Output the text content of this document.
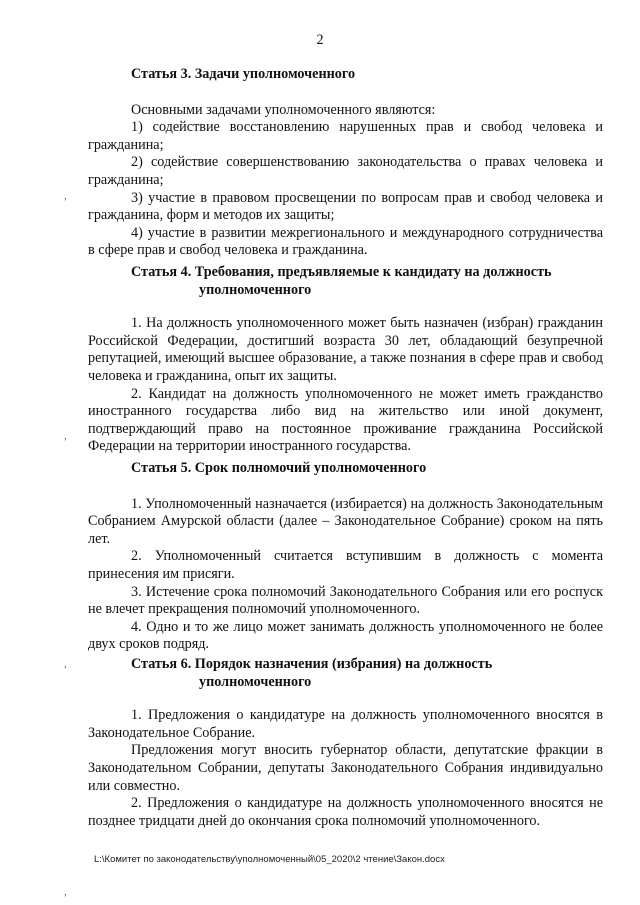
2
Статья 3. Задачи уполномоченного

Основными задачами уполномоченного являются:

1) содействие восстановлению нарушенных прав и свобод человека и гражданина;

2) содействие совершенствованию законодательства о правах человека и гражданина;

3) участие в правовом просвещении по вопросам прав и свобод человека и гражданина, форм и методов их защиты;

4) участие в развитии межрегионального и международного сотрудничества в сфере прав и свобод человека и гражданина.

Статья 4. Требования, предъявляемые к кандидату на должность
уполномоченного

1. На должность уполномоченного может быть назначен (избран) гражданин Российской Федерации, достигший возраста 30 лет, обладающий безупречной репутацией, имеющий высшее образование, а также познания в сфере прав и свобод человека и гражданина, опыт их защиты.

2. Кандидат на должность уполномоченного не может иметь гражданство иностранного государства либо вид на жительство или иной документ, подтверждающий право на постоянное проживание гражданина Российской Федерации на территории иностранного государства.

Статья 5. Срок полномочий уполномоченного

1. Уполномоченный назначается (избирается) на должность Законодательным Собранием Амурской области (далее – Законодательное Собрание) сроком на пять лет.

2. Уполномоченный считается вступившим в должность с момента принесения им присяги.

3. Истечение срока полномочий Законодательного Собрания или его роспуск не влечет прекращения полномочий уполномоченного.

4. Одно и то же лицо может занимать должность уполномоченного не более двух сроков подряд.

Статья 6. Порядок назначения (избрания) на должность
уполномоченного

1. Предложения о кандидатуре на должность уполномоченного вносятся в Законодательное Собрание.

Предложения могут вносить губернатор области, депутатские фракции в Законодательном Собрании, депутаты Законодательного Собрания индивидуально или совместно.

2. Предложения о кандидатуре на должность уполномоченного вносятся не позднее тридцати дней до окончания срока полномочий уполномоченного.

L:\Комитет по законодательству\уполномоченный\05_2020\2 чтение\Закон.docx
,
,
,
,
